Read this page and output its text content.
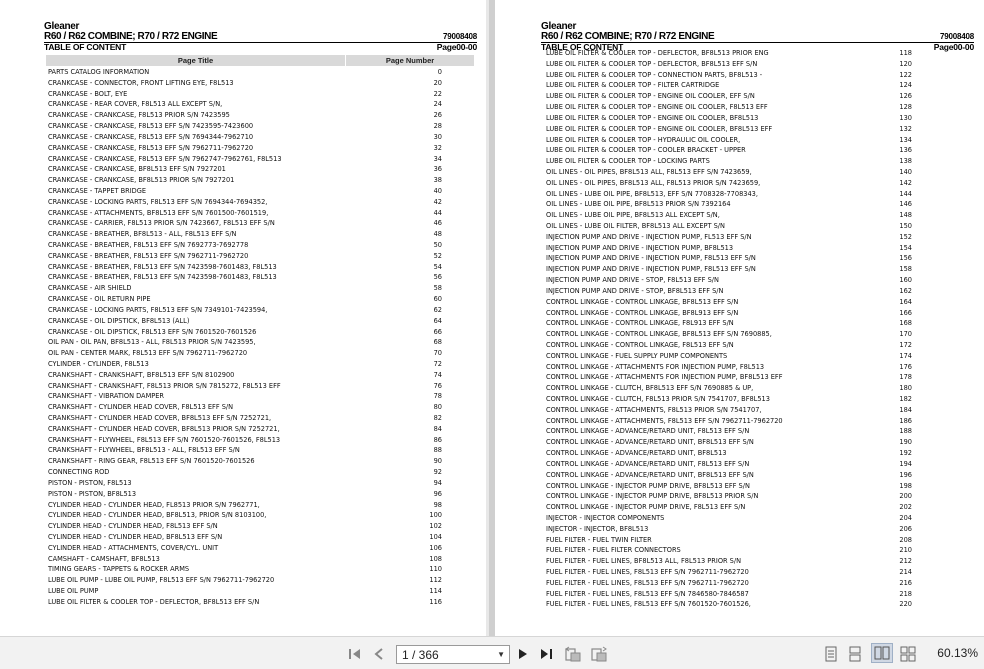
Gleaner
R60 / R62 COMBINE; R70 / R72 ENGINE	79008408
TABLE OF CONTENT	Page00-00
Page Title	Page Number
PARTS CATALOG INFORMATION	0
CRANKCASE - CONNECTOR, FRONT LIFTING EYE, F8L513	20
CRANKCASE - BOLT, EYE	22
CRANKCASE - REAR COVER, F8L513 ALL EXCEPT S/N,	24
CRANKCASE - CRANKCASE, F8L513 PRIOR S/N 7423595	26
CRANKCASE - CRANKCASE, F8L513 EFF S/N 7423595-7423600	28
CRANKCASE - CRANKCASE, F8L513 EFF S/N 7694344-7962710	30
CRANKCASE - CRANKCASE, F8L513 EFF S/N 7962711-7962720	32
CRANKCASE - CRANKCASE, F8L513 EFF S/N 7962747-7962761, F8L513	34
CRANKCASE - CRANKCASE, BF8L513 EFF S/N 7927201	36
CRANKCASE - CRANKCASE, BF8L513 PRIOR S/N 7927201	38
CRANKCASE - TAPPET BRIDGE	40
CRANKCASE - LOCKING PARTS, F8L513 EFF S/N 7694344-7694352,	42
CRANKCASE - ATTACHMENTS, BF8L513 EFF S/N 7601500-7601519,	44
CRANKCASE - CARRIER, F8L513 PRIOR S/N 7423667, F8L513 EFF S/N	46
CRANKCASE - BREATHER, BF8L513 - ALL, F8L513 EFF S/N	48
CRANKCASE - BREATHER, F8L513 EFF S/N 7692773-7692778	50
CRANKCASE - BREATHER, F8L513 EFF S/N 7962711-7962720	52
CRANKCASE - BREATHER, F8L513 EFF S/N 7423598-7601483, F8L513	54
CRANKCASE - BREATHER, F8L513 EFF S/N 7423598-7601483, F8L513	56
CRANKCASE - AIR SHIELD	58
CRANKCASE - OIL RETURN PIPE	60
CRANKCASE - LOCKING PARTS, F8L513 EFF S/N 7349101-7423594,	62
CRANKCASE - OIL DIPSTICK, BF8L513 (ALL)	64
CRANKCASE - OIL DIPSTICK, F8L513 EFF S/N 7601520-7601526	66
OIL PAN - OIL PAN, BF8L513 - ALL, F8L513 PRIOR S/N 7423595,	68
OIL PAN - CENTER MARK, F8L513 EFF S/N 7962711-7962720	70
CYLINDER - CYLINDER, F8L513	72
CRANKSHAFT - CRANKSHAFT, BF8L513 EFF S/N 8102900	74
CRANKSHAFT - CRANKSHAFT, F8L513 PRIOR S/N 7815272, F8L513 EFF	76
CRANKSHAFT - VIBRATION DAMPER	78
CRANKSHAFT - CYLINDER HEAD COVER, F8L513 EFF S/N	80
CRANKSHAFT - CYLINDER HEAD COVER, BF8L513 EFF S/N 7252721,	82
CRANKSHAFT - CYLINDER HEAD COVER, BF8L513 PRIOR S/N 7252721,	84
CRANKSHAFT - FLYWHEEL, F8L513 EFF S/N 7601520-7601526, F8L513	86
CRANKSHAFT - FLYWHEEL, BF8L513 - ALL, F8L513 EFF S/N	88
CRANKSHAFT - RING GEAR, F8L513 EFF S/N 7601520-7601526	90
CONNECTING ROD	92
PISTON - PISTON, F8L513	94
PISTON - PISTON, BF8L513	96
CYLINDER HEAD - CYLINDER HEAD, FL8513 PRIOR S/N 7962771,	98
CYLINDER HEAD - CYLINDER HEAD, BF8L513, PRIOR S/N 8103100,	100
CYLINDER HEAD - CYLINDER HEAD, F8L513 EFF S/N	102
CYLINDER HEAD - CYLINDER HEAD, BF8L513 EFF S/N	104
CYLINDER HEAD - ATTACHMENTS, COVER/CYL. UNIT	106
CAMSHAFT - CAMSHAFT, BF8L513	108
TIMING GEARS - TAPPETS & ROCKER ARMS	110
LUBE OIL PUMP - LUBE OIL PUMP, F8L513 EFF S/N 7962711-7962720	112
LUBE OIL PUMP	114
LUBE OIL FILTER & COOLER TOP - DEFLECTOR, BF8L513 EFF S/N	116
Gleaner
R60 / R62 COMBINE; R70 / R72 ENGINE	79008408
TABLE OF CONTENT	Page00-00
LUBE OIL FILTER & COOLER TOP - DEFLECTOR, BF8L513 PRIOR ENG	118
LUBE OIL FILTER & COOLER TOP - DEFLECTOR, BF8L513 EFF S/N	120
LUBE OIL FILTER & COOLER TOP - CONNECTION PARTS, BF8L513 -	122
LUBE OIL FILTER & COOLER TOP - FILTER CARTRIDGE	124
LUBE OIL FILTER & COOLER TOP - ENGINE OIL COOLER, EFF S/N	126
LUBE OIL FILTER & COOLER TOP - ENGINE OIL COOLER, F8L513 EFF	128
LUBE OIL FILTER & COOLER TOP - ENGINE OIL COOLER, BF8L513	130
LUBE OIL FILTER & COOLER TOP - ENGINE OIL COOLER, BF8L513 EFF	132
LUBE OIL FILTER & COOLER TOP - HYDRAULIC OIL COOLER,	134
LUBE OIL FILTER & COOLER TOP - COOLER BRACKET - UPPER	136
LUBE OIL FILTER & COOLER TOP - LOCKING PARTS	138
OIL LINES - OIL PIPES, BF8L513 ALL, F8L513 EFF S/N 7423659,	140
OIL LINES - OIL PIPES, BF8L513 ALL, F8L513 PRIOR S/N 7423659,	142
OIL LINES - LUBE OIL PIPE, BF8L513, EFF S/N 7708328-7708343,	144
OIL LINES - LUBE OIL PIPE, BF8L513 PRIOR S/N 7392164	146
OIL LINES - LUBE OIL PIPE, BF8L513 ALL EXCEPT S/N,	148
OIL LINES - LUBE OIL FILTER, BF8L513 ALL EXCEPT S/N	150
INJECTION PUMP AND DRIVE - INJECTION PUMP, FL513 EFF S/N	152
INJECTION PUMP AND DRIVE - INJECTION PUMP, BF8L513	154
INJECTION PUMP AND DRIVE - INJECTION PUMP, F8L513 EFF S/N	156
INJECTION PUMP AND DRIVE - INJECTION PUMP, F8L513 EFF S/N	158
INJECTION PUMP AND DRIVE - STOP, F8L513 EFF S/N	160
INJECTION PUMP AND DRIVE - STOP, BF8L513 EFF S/N	162
CONTROL LINKAGE - CONTROL LINKAGE, BF8L513 EFF S/N	164
CONTROL LINKAGE - CONTROL LINKAGE, BF8L913 EFF S/N	166
CONTROL LINKAGE - CONTROL LINKAGE, F8L913 EFF S/N	168
CONTROL LINKAGE - CONTROL LINKAGE, BF8L513 EFF S/N 7690885,	170
CONTROL LINKAGE - CONTROL LINKAGE, F8L513 EFF S/N	172
CONTROL LINKAGE - FUEL SUPPLY PUMP COMPONENTS	174
CONTROL LINKAGE - ATTACHMENTS FOR INJECTION PUMP, F8L513	176
CONTROL LINKAGE - ATTACHMENTS FOR INJECTION PUMP, BF8L513 EFF	178
CONTROL LINKAGE - CLUTCH, BF8L513 EFF S/N 7690885 & UP,	180
CONTROL LINKAGE - CLUTCH, F8L513 PRIOR S/N 7541707, BF8L513	182
CONTROL LINKAGE - ATTACHMENTS, F8L513 PRIOR S/N 7541707,	184
CONTROL LINKAGE - ATTACHMENTS, F8L513 EFF S/N 7962711-7962720	186
CONTROL LINKAGE - ADVANCE/RETARD UNIT, F8L513 EFF S/N	188
CONTROL LINKAGE - ADVANCE/RETARD UNIT, BF8L513 EFF S/N	190
CONTROL LINKAGE - ADVANCE/RETARD UNIT, BF8L513	192
CONTROL LINKAGE - ADVANCE/RETARD UNIT, F8L513 EFF S/N	194
CONTROL LINKAGE - ADVANCE/RETARD UNIT, BF8L513 EFF S/N	196
CONTROL LINKAGE - INJECTOR PUMP DRIVE, BF8L513 EFF S/N	198
CONTROL LINKAGE - INJECTOR PUMP DRIVE, BF8L513 PRIOR S/N	200
CONTROL LINKAGE - INJECTOR PUMP DRIVE, F8L513 EFF S/N	202
INJECTOR - INJECTOR COMPONENTS	204
INJECTOR - INJECTOR, BF8L513	206
FUEL FILTER - FUEL TWIN FILTER	208
FUEL FILTER - FUEL FILTER CONNECTORS	210
FUEL FILTER - FUEL LINES, BF8L513 ALL, F8L513 PRIOR S/N	212
FUEL FILTER - FUEL LINES, F8L513 EFF S/N 7962711-7962720	214
FUEL FILTER - FUEL LINES, F8L513 EFF S/N 7962711-7962720	216
FUEL FILTER - FUEL LINES, F8L513 EFF S/N 7846580-7846587	218
FUEL FILTER - FUEL LINES, F8L513 EFF S/N 7601520-7601526,	220
1 / 366	▼	60.13%
